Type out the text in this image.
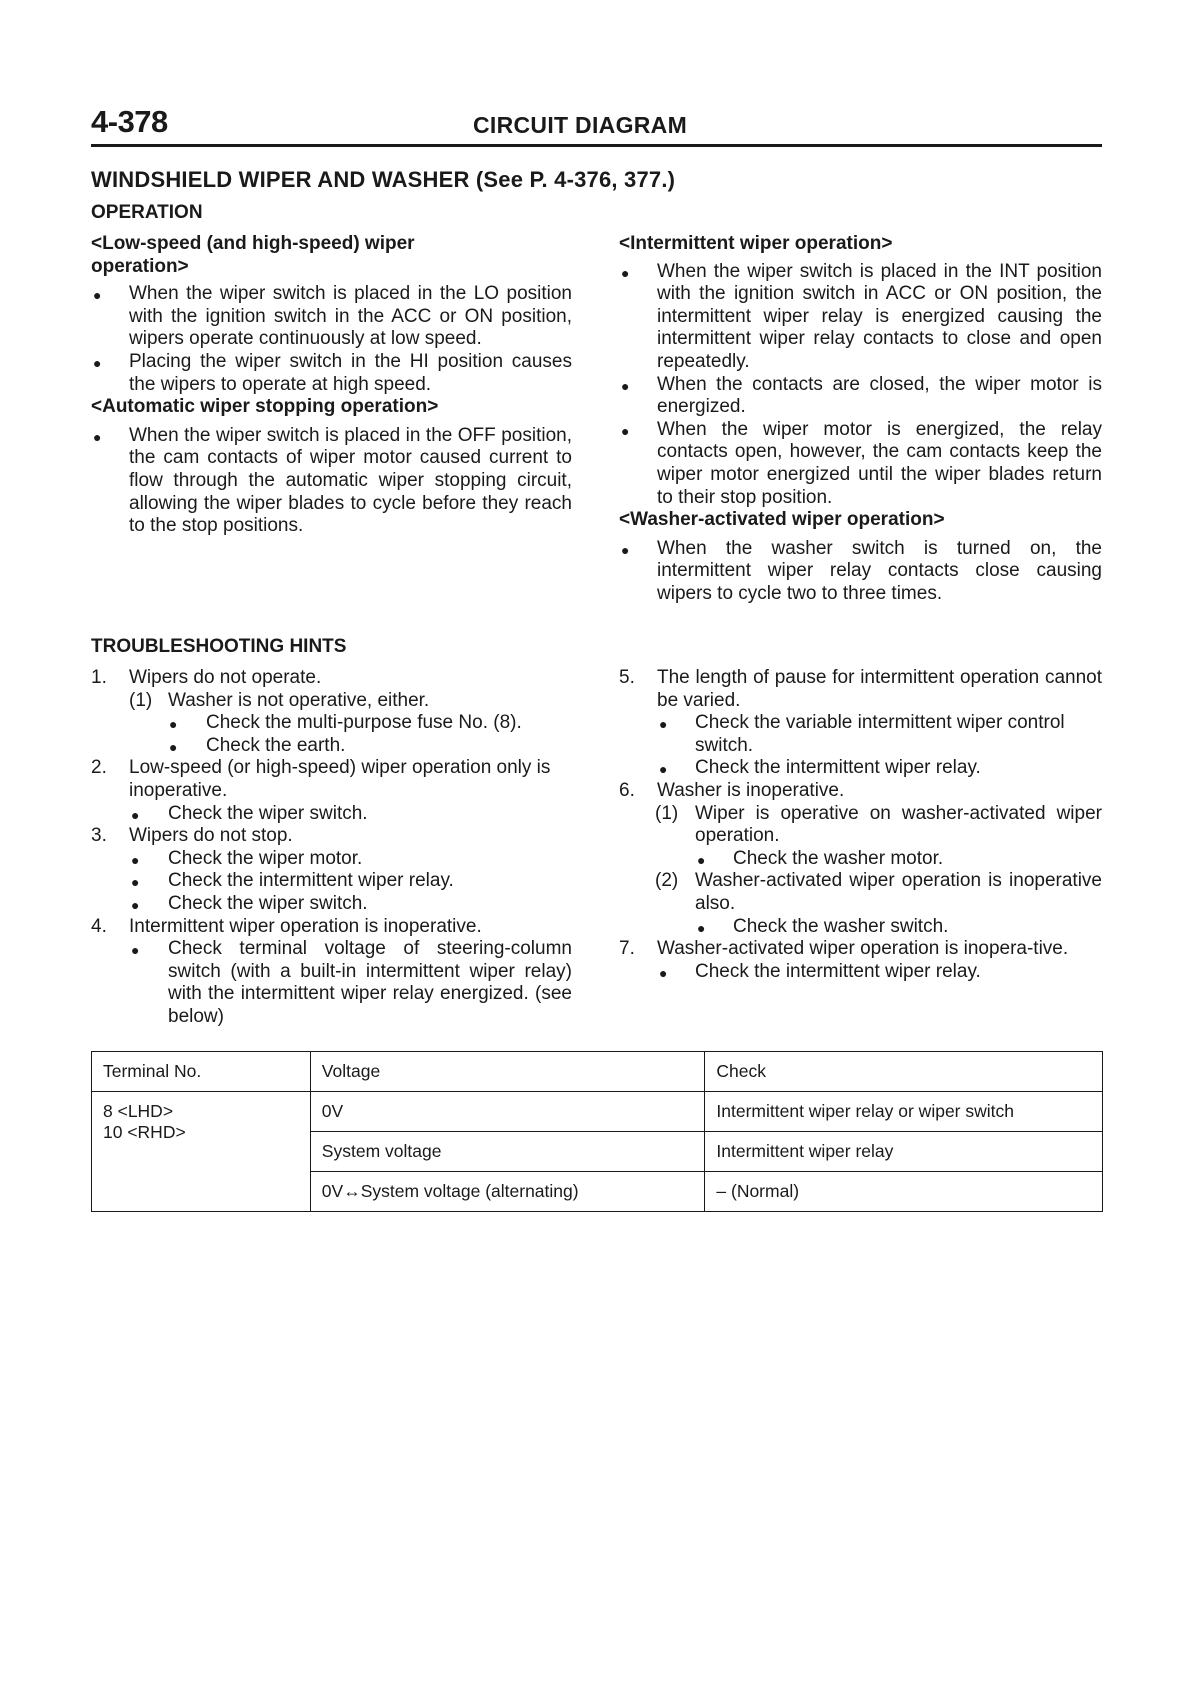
4-378	CIRCUIT DIAGRAM
WINDSHIELD WIPER AND WASHER (See P. 4-376, 377.)
OPERATION

<Low-speed (and high-speed) wiper

operation>

● When the wiper switch is placed in the LO position with the ignition switch in the ACC or ON position, wipers operate continuously at low speed.

● Placing the wiper switch in the HI position causes the wipers to operate at high speed.

<Automatic wiper stopping operation>

● When the wiper switch is placed in the OFF position, the cam contacts of wiper motor caused current to flow through the automatic wiper stopping circuit, allowing the wiper blades to cycle before they reach to the stop positions.

<Intermittent wiper operation>

● When the wiper switch is placed in the INT position with the ignition switch in ACC or ON position, the intermittent wiper relay is energized causing the intermittent wiper relay contacts to close and open repeatedly.

● When the contacts are closed, the wiper motor is energized.

● When the wiper motor is energized, the relay contacts open, however, the cam contacts keep the wiper motor energized until the wiper blades return to their stop position.

<Washer-activated wiper operation>

● When the washer switch is turned on, the intermittent wiper relay contacts close causing wipers to cycle two to three times.

TROUBLESHOOTING HINTS

1. Wipers do not operate.

(1) Washer is not operative, either.

● Check the multi-purpose fuse No. (8).

● Check the earth.

2. Low-speed (or high-speed) wiper operation only is inoperative.

● Check the wiper switch.

3. Wipers do not stop.

● Check the wiper motor.

● Check the intermittent wiper relay.

● Check the wiper switch.

4. Intermittent wiper operation is inoperative.

● Check terminal voltage of steering-column switch (with a built-in intermittent wiper relay) with the intermittent wiper relay energized. (see below)

5. The length of pause for intermittent operation cannot be varied.

● Check the variable intermittent wiper control switch.

● Check the intermittent wiper relay.

6. Washer is inoperative.

(1) Wiper is operative on washer-activated wiper operation.

● Check the washer motor.

(2) Washer-activated wiper operation is inoperative also.

● Check the washer switch.

7. Washer-activated wiper operation is inopera-tive.

● Check the intermittent wiper relay.

Terminal No.	Voltage	Check

8 <LHD>
10 <RHD>	0V	Intermittent wiper relay or wiper switch
	System voltage	Intermittent wiper relay
	0V↔System voltage (alternating)	– (Normal)
